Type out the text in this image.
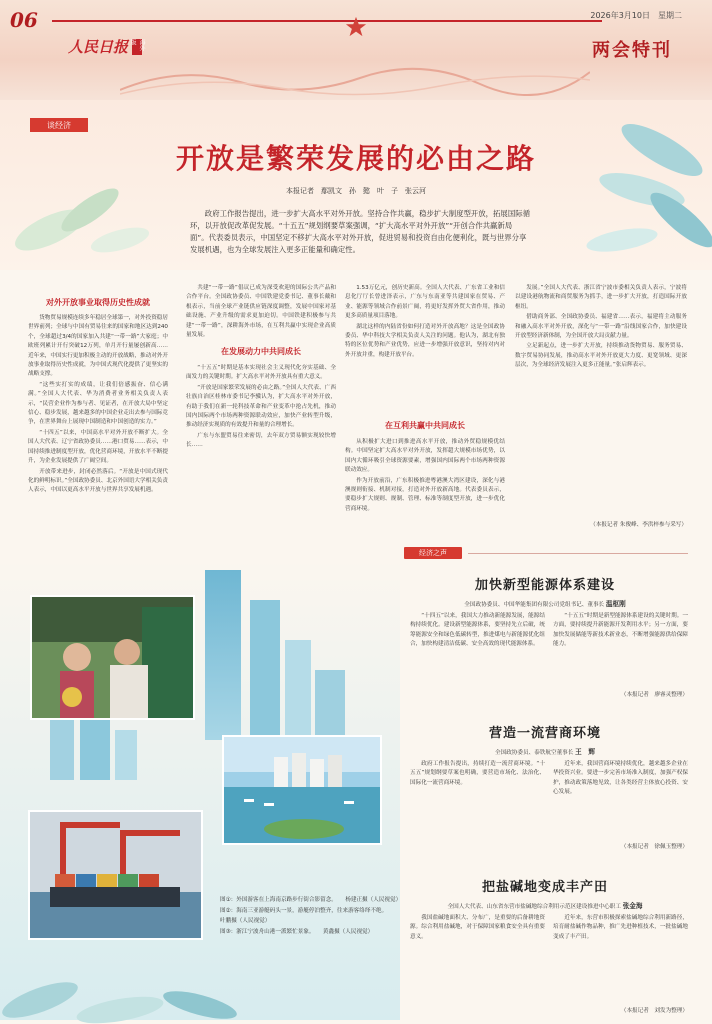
06	2026年3月10日　星期二
人民日报	海外版	两会特刊
谈经济
开放是繁荣发展的必由之路
本报记者　鄢凯文　孙　懿　叶　子　张云河
政府工作报告提出，进一步扩大高水平对外开放。坚持合作共赢，稳步扩大制度型开放，拓展国际循环，以开放促改革促发展。“十五五”规划纲要草案强调，“扩大高水平对外开放”“开创合作共赢新局面”。代表委员表示，中国坚定不移扩大高水平对外开放，促进贸易和投资自由化便利化，既与世界分享发展机遇，也为全球发展注入更多正能量和确定性。
对外开放事业取得历史性成就

货物贸易规模连续多年稳居全球第一，对外投资稳居世界前列；全球与中国有贸易往来的国家和地区达到240个，全球超过3/4的国家加入共建“一带一路”大家庭；中欧班列累计开行突破12万列，单月开行量屡创新高……近年来，中国实行更加积极主动的开放战略，推动对外开放事业取得历史性成就，为中国式现代化提供了更坚实的战略支撑。

“这些实打实的成绩，让我们倍感振奋、信心满满。”全国人大代表、华为消费者业务相关负责人表示，“民营企业作为参与者、见证者，在开放大局中坚定信心、稳步发展，越来越多的中国企业走出去参与国际竞争，在世界舞台上展现中国制造和中国创造的实力。”

“十四五”以来，中国高水平对外开放不断扩大。全国人大代表、辽宁省政协委员……港口贸易……表示，中国持续推进制度型开放，优化营商环境，开放水平不断提升，为企业发展提供了广阔空间。

开放带来进步，封闭必然落后。“开放是中国式现代化的鲜明标识。”全国政协委员、北京外国语大学相关负责人表示，中国以更高水平开放与世界共享发展机遇。

共建“一带一路”倡议已成为深受欢迎的国际公共产品和合作平台。全国政协委员、中国铁建党委书记、董事长戴和根表示，当前全球产业链供应链深度调整，发展中国家对基础设施、产业升级的需求更加迫切。中国铁建积极参与共建“一带一路”，深耕海外市场，在互利共赢中实现企业高质量发展。

在发展动力中共同成长

“十五五”时期是基本实现社会主义现代化夯实基础、全面发力的关键时期。扩大高水平对外开放具有重大意义。

“开放是国家繁荣发展的必由之路。”全国人大代表、广西壮族自治区桂林市委书记李骥认为，扩大高水平对外开放，有助于我们在新一轮科技革命和产业变革中抢占先机，推动国内国际两个市场两种资源联动效应，加快产业转型升级，推动经济实现质的有效提升和量的合理增长。

广东与东盟贸易往来密切，去年双方贸易额实现较快增长……

1.53万亿元，创历史新高。全国人大代表、广东省工业和信息化厅厅长曾进泽表示，广东与东南亚等共建国家在贸易、产业、能源等领域合作前景广阔，将更好发挥外贸大省作用，推动更多高质量项目落地。

湖北这样的内陆省份如何打造对外开放高地？这是全国政协委员、华中科技大学相关负责人关注的问题。他认为，湖北有独特的区位优势和产业优势，应进一步增强开放意识，坚持对内对外开放并重，构建开放平台。

在互利共赢中共同成长

从积极扩大进口到推进高水平开放，推动外贸稳规模优结构。中国坚定扩大高水平对外开放，发挥超大规模市场优势，以国内大循环吸引全球资源要素，增强国内国际两个市场两种资源联动效应。

作为开放前沿，广东积极推进粤港澳大湾区建设，深化与港澳规则衔接、机制对接，打造对外开放新高地。代表委员表示，要稳步扩大规则、规制、管理、标准等制度型开放，进一步优化营商环境。

发展。”全国人大代表、浙江省宁波市委相关负责人表示，宁波将以建设港航物流和商贸服务为抓手，进一步扩大开放，打造国际开放枢纽。

借助商务部、全国政协委员、福建省……表示，福建将主动服务和融入高水平对外开放，深化与“一带一路”沿线国家合作，加快建设开放型经济新体制，为全国开放大局贡献力量。

立足新起点，进一步扩大开放，持续推动货物贸易、服务贸易、数字贸易协同发展，推动高水平对外开放更大力度、更宽领域、更深层次，为全球经济发展注入更多正能量。”张启辉表示。

（本报记者 朱俊峰、李洪梓参与采写）

图①：外国游客在上海南京路步行街合影留念。　　杨建正摄（人民视觉）

图②：海南三亚游艇码头一景，游艇停泊整齐，往来游客络绎不绝。　　叶鹏摄（人民视觉）

图③：浙江宁波舟山港一派繁忙景象。　　黄鑫摄（人民视觉）

经济之声
加快新型能源体系建设
全国政协委员、中国华能集团有限公司党组书记、董事长 温枢刚

“十四五”以来，我国大力推动新能源发展，能源结构持续优化。建设新型能源体系，要坚持先立后破，统筹能源安全和绿色低碳转型，推进煤电与新能源优化组合，加快构建清洁低碳、安全高效的现代能源体系。

“十五五”时期是新型能源体系建设的关键时期。一方面，要持续提升新能源开发利用水平；另一方面，要加快发展储能等新技术新业态，不断增强能源供给保障能力。

（本报记者　廖睿灵整理）
营造一流营商环境
全国政协委员、泰铁航空董事长 王　辉

政府工作报告提出，持续打造一流营商环境。“十五五”规划纲要草案也明确，要营造市场化、法治化、国际化一流营商环境。

近年来，我国营商环境持续优化，越来越多企业在华投资兴业。要进一步完善市场准入制度，加强产权保护，推动政策落地见效，让各类经营主体放心投资、安心发展。

（本报记者　徐佩玉整理）
把盐碱地变成丰产田
全国人大代表、山东省东营市盐碱地综合利用示范区建设推进中心职工 张金海

我国盐碱地面积大、分布广，是重要的后备耕地资源。综合利用盐碱地，对于保障国家粮食安全具有重要意义。

近年来，东营市积极探索盐碱地综合利用新路径，培育耐盐碱作物品种，推广先进种植技术，一批盐碱地变成了丰产田。

（本报记者　刘发为整理）
